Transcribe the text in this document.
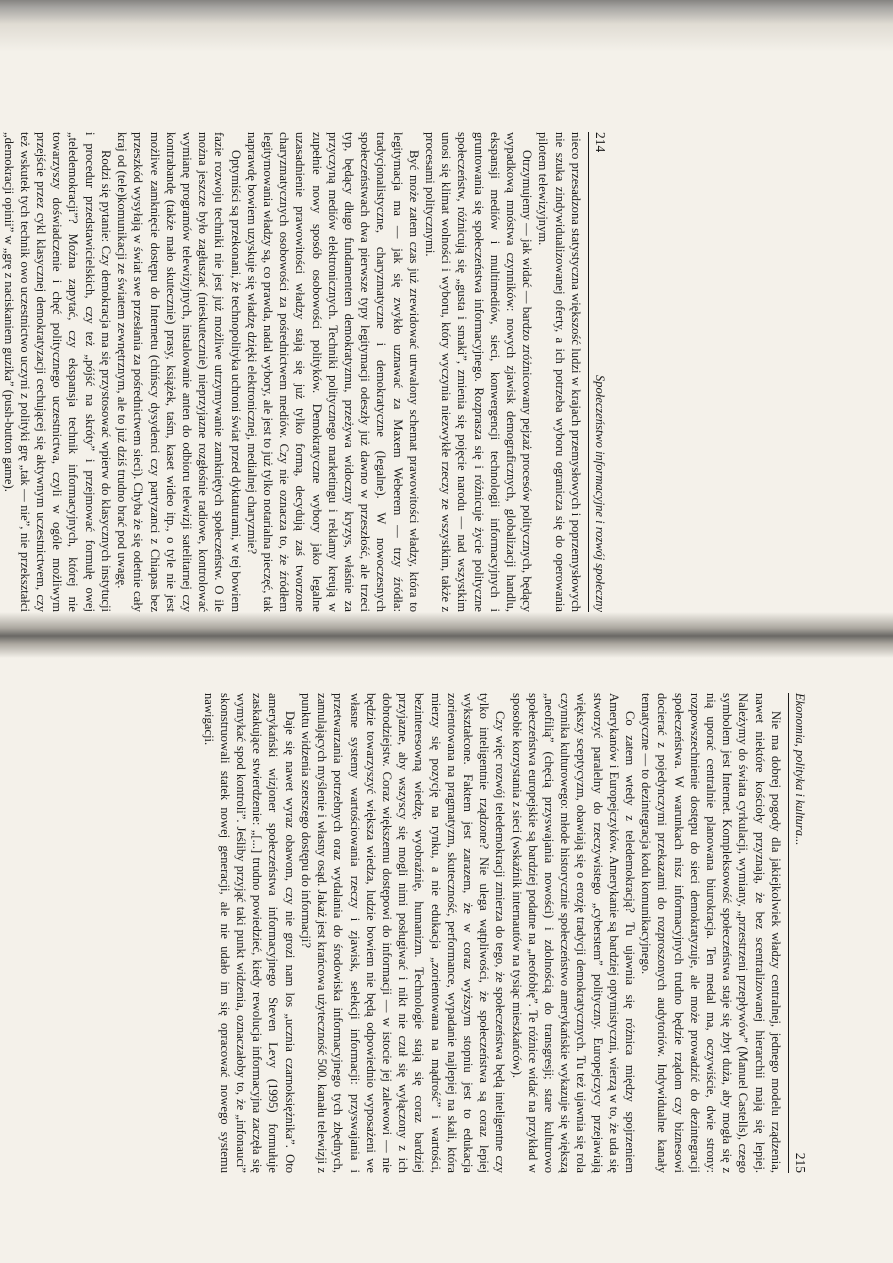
214
Społeczeństwo informacyjne i rozwój społeczny

nieco przesadzona statystyczna większość ludzi w krajach przemysłowych i poprzemysłowych nie szuka zindywidualizowanej oferty, a ich potrzeba wyboru ogranicza się do operowania pilotem telewizyjnym.

Otrzymujemy — jak widać — bardzo zróżnicowany pejzaż procesów politycznych, będący wypadkową mnóstwa czynników: nowych zjawisk demograficznych, globalizacji handlu, ekspansji mediów i multimediów, sieci, konwergencji technologii informacyjnych i gruntowania się społeczeństwa informacyjnego. Rozprasza się i różnicuje życie polityczne społeczeństw, różnicują się „gusta i smaki”, zmienia się pojęcie narodu — nad wszystkim unosi się klimat wolności i wyboru, który wyczynia niezwykłe rzeczy ze wszystkim, także z procesami politycznymi.

Być może zatem czas już zrewidować utrwalony schemat prawowitości władzy, która to legitymacja ma — jak się zwykło uznawać za Maxem Weberem — trzy źródła: tradycjonalistyczne, charyzmatyczne i demokratyczne (legalne). W nowoczesnych społeczeństwach dwa pierwsze typy legitymacji odeszły już dawno w przeszłość, ale trzeci typ, będący długo fundamentem demokratyzmu, przeżywa widoczny kryzys, właśnie za przyczyną mediów elektronicznych. Techniki politycznego marketingu i reklamy kreują w zupełnie nowy sposób osobowości polityków. Demokratyczne wybory jako legalne uzasadnienie prawowitości władzy stają się już tylko formą, decydują zaś tworzone charyzmatycznych osobowości za pośrednictwem mediów. Czy nie oznacza to, że źródłem legitymowania władzy są, co prawda, nadal wybory, ale jest to już tylko notarialna pieczęć, tak naprawdę bowiem uzyskuje się władzę dzięki elektronicznej, medialnej charyzmie?

Optymiści są przekonani, że technopolityka uchroni świat przed dyktaturami, w tej bowiem fazie rozwoju techniki nie jest już możliwe utrzymywanie zamkniętych społeczeństw. O ile można jeszcze było zagłuszać (nieskutecznie) nieprzyjazne rozgłośnie radiowe, kontrolować wymianę programów telewizyjnych, instalowanie anten do odbioru telewizji satelitarnej czy kontrabandę (także mało skutecznie) prasy, książek, taśm, kaset wideo itp., o tyle nie jest możliwe zamknięcie dostępu do Internetu (chińscy dysydenci czy partyzanci z Chiapas bez przeszkód wysyłają w świat swe przesłania za pośrednictwem sieci). Chyba że się odetnie cały kraj od (tele)komunikacji ze światem zewnętrznym, ale to już dziś trudno brać pod uwagę.

Rodzi się pytanie: Czy demokracja ma się przystosować wpierw do klasycznych instytucji i procedur przedstawicielskich, czy też „pójść na skróty” i przejmować formułę owej „teledemokracji”? Można zapytać, czy ekspansja technik informacyjnych, której nie towarzyszy doświadczenie i chęć politycznego uczestnictwa, czyli w ogóle możliwym przejście przez cykl klasycznej demokratyzacji cechującej się aktywnym uczestnictwem, czy też wskutek tych technik owo uczestnictwo uczyni z polityki grę „tak — nie”, nie przekształci „demokracji opinii” w „grę z naciskaniem guzika” (push-button game).

Ekonomia, polityka i kultura...
215

Nie ma dobrej pogody dla jakiejkolwiek władzy centralnej, jednego modelu rządzenia, nawet niektóre kościoły przyznają, że bez scentralizowanej hierarchii mają się lepiej. Należymy do świata cyrkulacji, wymiany, „przestrzeni przepływów” (Manuel Castells), czego symbolem jest Internet. Kompleksowość społeczeństwa staje się zbyt duża, aby mogła się z nią uporać centralnie planowana biurokracja. Ten medal ma, oczywiście, dwie strony: rozpowszechnienie dostępu do sieci demokratyzuje, ale może prowadzić do dezintegracji społeczeństwa. W warunkach nisz informacyjnych trudno będzie rządom czy biznesowi docierać z pojedynczymi przekazami do rozproszonych audytoriów. Indywidualne kanały tematyczne — to dezintegracja kodu komunikacyjnego.

Co zatem wtedy z teledemokracją? Tu ujawnia się różnica między spojrzeniem Amerykanów i Europejczyków. Amerykanie są bardziej optymistyczni, wierzą w to, że uda się stworzyć paralelny do rzeczywistego „cyberstem” polityczny. Europejczycy przejawiają większy sceptycyzm, obawiają się o erozję tradycji demokratycznych. Tu też ujawnia się rola czynnika kulturowego: młode historycznie społeczeństwo amerykańskie wykazuje się większą „neofilią” (chęcią przyswajania nowości) i zdolnością do transgresji; stare kulturowo społeczeństwa europejskie są bardziej podatne na „neofobię”. Te różnice widać na przykład w sposobie korzystania z sieci (wskaźnik internautów na tysiąc mieszkańców).

Czy więc rozwój teledemokracji zmierza do tego, że społeczeństwa będą inteligentne czy tylko inteligentnie rządzone? Nie ulega wątpliwości, że społeczeństwa są coraz lepiej wykształcone. Faktem jest zarazem, że w coraz wyższym stopniu jest to edukacja zorientowana na pragmatyzm, skuteczność, performance, wypadanie najlepiej na skali, która mierzy się pozycję na rynku, a nie edukacja „zorientowana na mądrość” i wartości, bezinteresowną wiedzę, wyobraźnię, humanizm. Technologie stają się coraz bardziej przyjazne, aby wszyscy się mogli nimi posługiwać i nikt nie czuł się wyłączony z ich dobrodziejstw. Coraz większemu dostępowi do informacji — w istocie jej zalewowi — nie będzie towarzyszyć większa wiedza, ludzie bowiem nie będą odpowiednio wyposażeni we własne systemy wartościowania rzeczy i zjawisk, selekcji informacji: przyswajania i przetwarzania potrzebnych oraz wydalania do środowiska informacyjnego tych zbędnych, zamulających myślenie i własny osąd. Jakaż jest krańcowa użyteczność 500. kanału telewizji z punktu widzenia szerszego dostępu do informacji?

Daje się nawet wyraz obawom, czy nie grozi nam los „ucznia czarnoksiężnika”. Oto amerykański wizjoner społeczeństwa informacyjnego Steven Levy (1995) formułuje zaskakujące stwierdzenie: „[...] trudno powiedzieć, kiedy rewolucja informacyjna zaczęła się wymykać spod kontroli”. Jeśliby przyjąć taki punkt widzenia, oznaczałoby to, że „infonauci” skonstruowali statek nowej generacji, ale nie udało im się opracować nowego systemu nawigacji.
